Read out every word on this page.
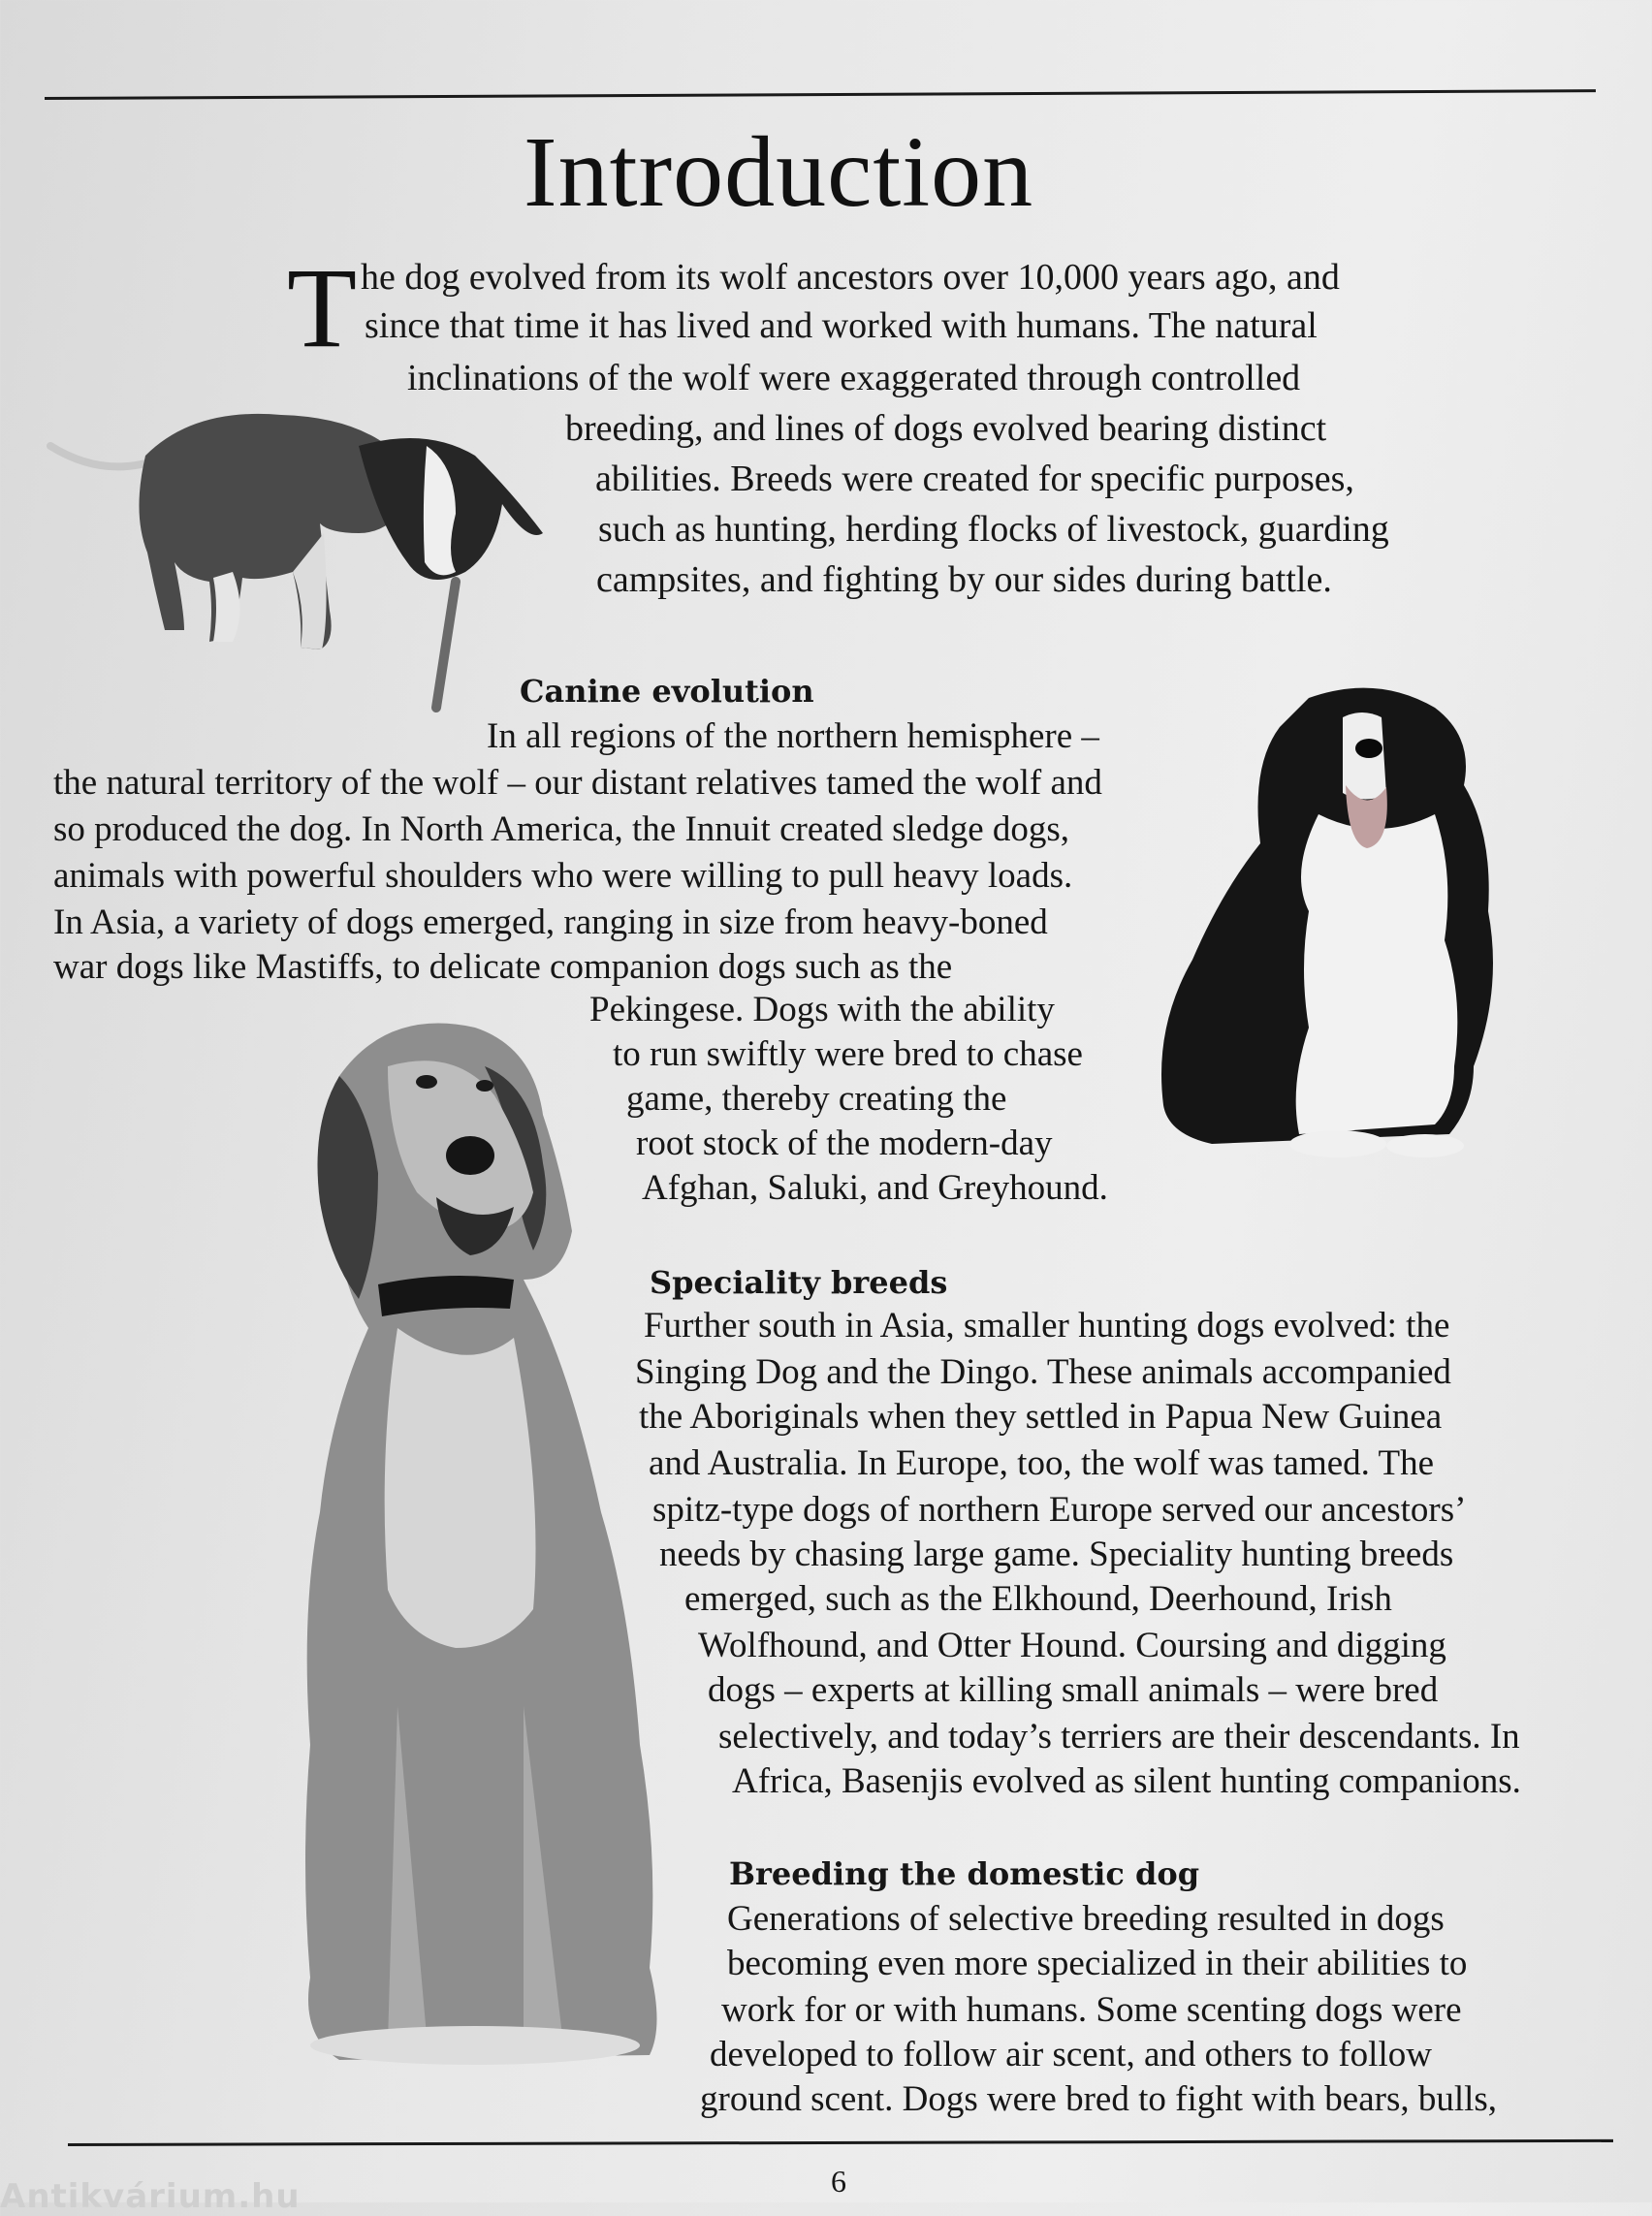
Introduction
T he dog evolved from its wolf ancestors over 10,000 years ago, and
since that time it has lived and worked with humans. The natural
inclinations of the wolf were exaggerated through controlled
breeding, and lines of dogs evolved bearing distinct
abilities. Breeds were created for specific purposes,
such as hunting, herding flocks of livestock, guarding
campsites, and fighting by our sides during battle.
Canine evolution
In all regions of the northern hemisphere –
the natural territory of the wolf – our distant relatives tamed the wolf and
so produced the dog. In North America, the Innuit created sledge dogs,
animals with powerful shoulders who were willing to pull heavy loads.
In Asia, a variety of dogs emerged, ranging in size from heavy-boned
war dogs like Mastiffs, to delicate companion dogs such as the
Pekingese. Dogs with the ability
to run swiftly were bred to chase
game, thereby creating the
root stock of the modern-day
Afghan, Saluki, and Greyhound.
Speciality breeds
Further south in Asia, smaller hunting dogs evolved: the
Singing Dog and the Dingo. These animals accompanied
the Aboriginals when they settled in Papua New Guinea
and Australia. In Europe, too, the wolf was tamed. The
spitz-type dogs of northern Europe served our ancestors’
needs by chasing large game. Speciality hunting breeds
emerged, such as the Elkhound, Deerhound, Irish
Wolfhound, and Otter Hound. Coursing and digging
dogs – experts at killing small animals – were bred
selectively, and today’s terriers are their descendants. In
Africa, Basenjis evolved as silent hunting companions.
Breeding the domestic dog
Generations of selective breeding resulted in dogs
becoming even more specialized in their abilities to
work for or with humans. Some scenting dogs were
developed to follow air scent, and others to follow
ground scent. Dogs were bred to fight with bears, bulls,
6
Antikvárium.hu
